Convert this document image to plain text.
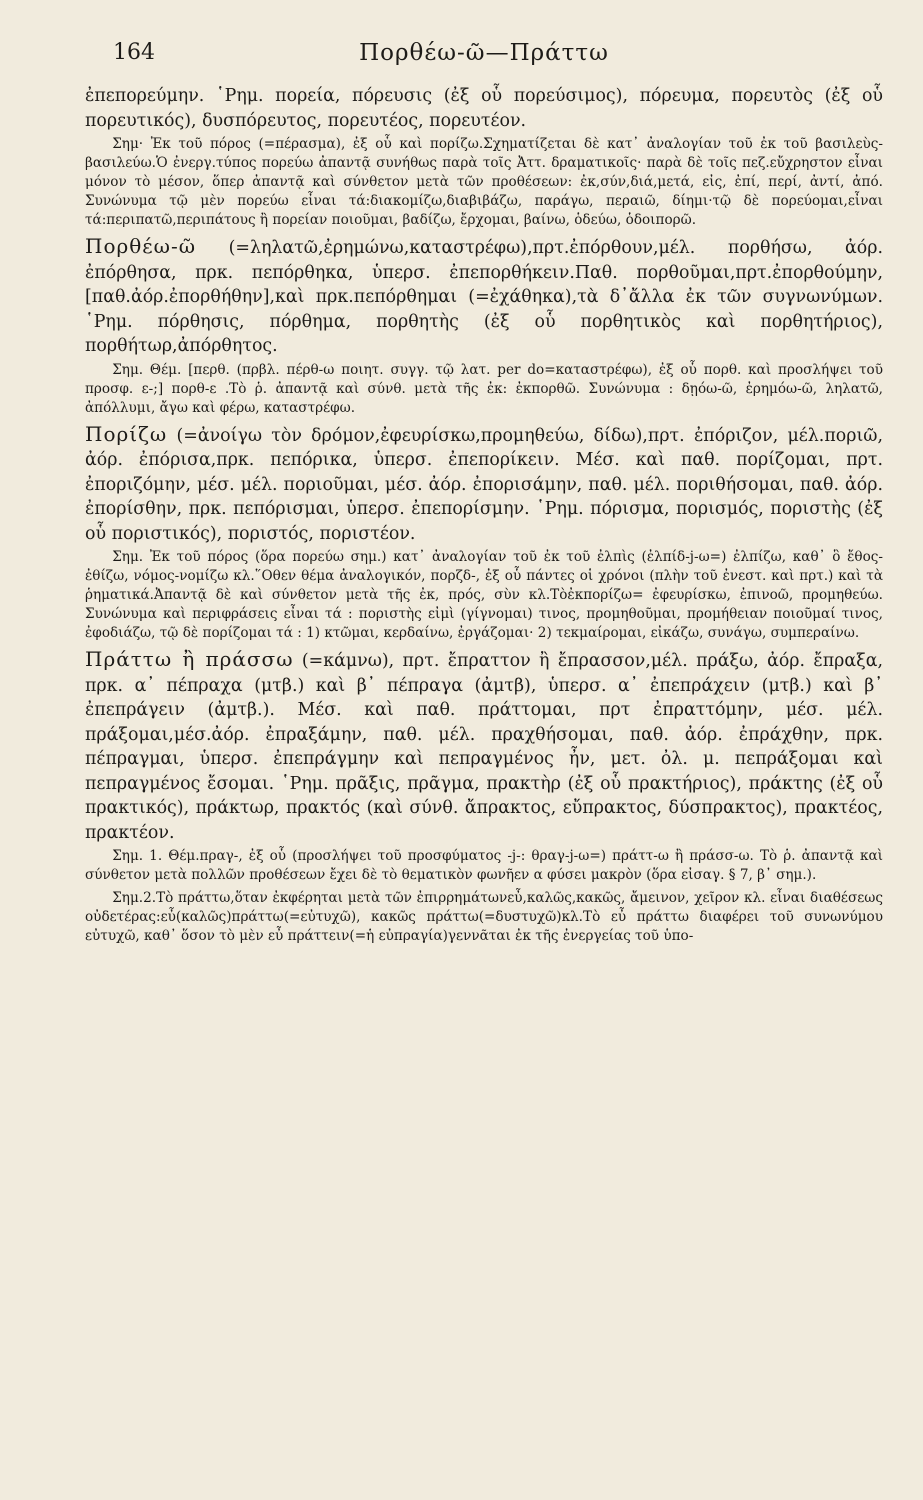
164	Πορθέω-ῶ—Πράττω

ἐπεπορεύμην. ῾Ρημ. πορεία, πόρευσις (ἐξ οὗ πορεύσιμος), πόρευμα, πορευτὸς (ἐξ οὗ πορευτικός), δυσπόρευτος, πορευτέος, πορευτέον.

Σημ· Ἐκ τοῦ πόρος (=πέρασμα), ἐξ οὗ καὶ πορίζω.Σχηματίζεται δὲ κατ᾽ ἀναλογίαν τοῦ ἐκ τοῦ βασιλεὺς-βασιλεύω.Ὁ ἐνεργ.τύπος πορεύω ἀπαντᾷ συνήθως παρὰ τοῖς Ἀττ. δραματικοῖς· παρὰ δὲ τοῖς πεζ.εὔχρηστον εἶναι μόνον τὸ μέσον, ὅπερ ἀπαντᾷ καὶ σύνθετον μετὰ τῶν προθέσεων: ἐκ,σύν,διά,μετά, εἰς, ἐπί, περί, ἀντί, ἀπό. Συνώνυμα τῷ μὲν πορεύω εἶναι τά:διακομίζω,διαβιβάζω, παράγω, περαιῶ, δίημι·τῷ δὲ πορεύομαι,εἶναι τά:περιπατῶ,περιπάτους ἢ πορείαν ποιοῦμαι, βαδίζω, ἔρχομαι, βαίνω, ὁδεύω, ὁδοιπορῶ.

Πορθέω-ῶ (=ληλατῶ,ἐρημώνω,καταστρέφω),πρτ.ἐπόρθουν,μέλ. πορθήσω, ἀόρ. ἐπόρθησα, πρκ. πεπόρθηκα, ὑπερσ. ἐπεπορθήκειν.Παθ. πορθοῦμαι,πρτ.ἐπορθούμην,[παθ.ἀόρ.ἐπορθήθην],καὶ πρκ.πεπόρθημαι (=ἐχάθηκα),τὰ δ᾽ἄλλα ἐκ τῶν συγνωνύμων. ῾Ρημ. πόρθησις, πόρθημα, πορθητὴς (ἐξ οὗ πορθητικὸς καὶ πορθητήριος), πορθήτωρ,ἀπόρθητος.

Σημ. Θέμ. [περθ. (πρβλ. πέρθ-ω ποιητ. συγγ. τῷ λατ. per do=καταστρέφω), ἐξ οὗ πορθ. καὶ προσλήψει τοῦ προσφ. ε-;] πορθ-ε .Τὸ ῥ. ἀπαντᾷ καὶ σύνθ. μετὰ τῆς ἐκ: ἐκπορθῶ. Συνώνυμα : δῃόω-ῶ, ἐρημόω-ῶ, ληλατῶ, ἀπόλλυμι, ἄγω καὶ φέρω, καταστρέφω.

Πορίζω (=ἀνοίγω τὸν δρόμον,ἐφευρίσκω,προμηθεύω, δίδω),πρτ. ἐπόριζον, μέλ.ποριῶ, ἀόρ. ἐπόρισα,πρκ. πεπόρικα, ὑπερσ. ἐπεπορίκειν. Μέσ. καὶ παθ. πορίζομαι, πρτ. ἐποριζόμην, μέσ. μέλ. ποριοῦμαι, μέσ. ἀόρ. ἐπορισάμην, παθ. μέλ. ποριθήσομαι, παθ. ἀόρ. ἐπορίσθην, πρκ. πεπόρισμαι, ὑπερσ. ἐπεπορίσμην. ῾Ρημ. πόρισμα, πορισμός, ποριστὴς (ἐξ οὗ ποριστικός), ποριστός, ποριστέον.

Σημ. Ἐκ τοῦ πόρος (ὅρα πορεύω σημ.) κατ᾽ ἀναλογίαν τοῦ ἐκ τοῦ ἐλπὶς (ἐλπίδ-j-ω=) ἐλπίζω, καθ᾽ ὃ ἔθος-ἐθίζω, νόμος-νομίζω κλ.῞Οθεν θέμα ἀναλογικόν, πορζδ-, ἐξ οὗ πάντες οἱ χρόνοι (πλὴν τοῦ ἐνεστ. καὶ πρτ.) καὶ τὰ ῥηματικά.Ἀπαντᾷ δὲ καὶ σύνθετον μετὰ τῆς ἐκ, πρός, σὺν κλ.Τὸἐκπορίζω= ἐφευρίσκω, ἐπινοῶ, προμηθεύω. Συνώνυμα καὶ περιφράσεις εἶναι τά : ποριστὴς εἰμὶ (γίγνομαι) τινος, προμηθοῦμαι, προμήθειαν ποιοῦμαί τινος, ἐφοδιάζω, τῷ δὲ πορίζομαι τά : 1) κτῶμαι, κερδαίνω, ἐργάζομαι· 2) τεκμαίρομαι, εἰκάζω, συνάγω, συμπεραίνω.

Πράττω ἢ πράσσω (=κάμνω), πρτ. ἔπραττον ἢ ἔπρασσον,μέλ. πράξω, ἀόρ. ἔπραξα, πρκ. α᾽ πέπραχα (μτβ.) καὶ β᾽ πέπραγα (ἀμτβ), ὑπερσ. α᾽ ἐπεπράχειν (μτβ.) καὶ β᾽ ἐπεπράγειν (ἀμτβ.). Μέσ. καὶ παθ. πράττομαι, πρτ ἐπραττόμην, μέσ. μέλ. πράξομαι,μέσ.ἀόρ. ἐπραξάμην, παθ. μέλ. πραχθήσομαι, παθ. ἀόρ. ἐπράχθην, πρκ. πέπραγμαι, ὑπερσ. ἐπεπράγμην καὶ πεπραγμένος ἦν, μετ. ὀλ. μ. πεπράξομαι καὶ πεπραγμένος ἔσομαι. ῾Ρημ. πρᾶξις, πρᾶγμα, πρακτὴρ (ἐξ οὗ πρακτήριος), πράκτης (ἐξ οὗ πρακτικός), πράκτωρ, πρακτός (καὶ σύνθ. ἄπρακτος, εὔπρακτος, δύσπρακτος), πρακτέος, πρακτέον.

Σημ. 1. Θέμ.πραγ-, ἐξ οὗ (προσλήψει τοῦ προσφύματος -j-: θραγ-j-ω=) πράττ-ω ἢ πράσσ-ω. Τὸ ῥ. ἀπαντᾷ καὶ σύνθετον μετὰ πολλῶν προθέσεων ἔχει δὲ τὸ θεματικὸν φωνῆεν α φύσει μακρὸν (ὅρα εἰσαγ. § 7, β᾽ σημ.).

Σημ.2.Τὸ πράττω,ὅταν ἐκφέρηται μετὰ τῶν ἐπιρρημάτωνεὖ,καλῶς,κακῶς, ἄμεινον, χεῖρον κλ. εἶναι διαθέσεως οὐδετέρας:εὖ(καλῶς)πράττω(=εὐτυχῶ), κακῶς πράττω(=δυστυχῶ)κλ.Τὸ εὖ πράττω διαφέρει τοῦ συνωνύμου εὐτυχῶ, καθ᾽ ὅσον τὸ μὲν εὖ πράττειν(=ἡ εὐπραγία)γεννᾶται ἐκ τῆς ἐνεργείας τοῦ ὑπο-
